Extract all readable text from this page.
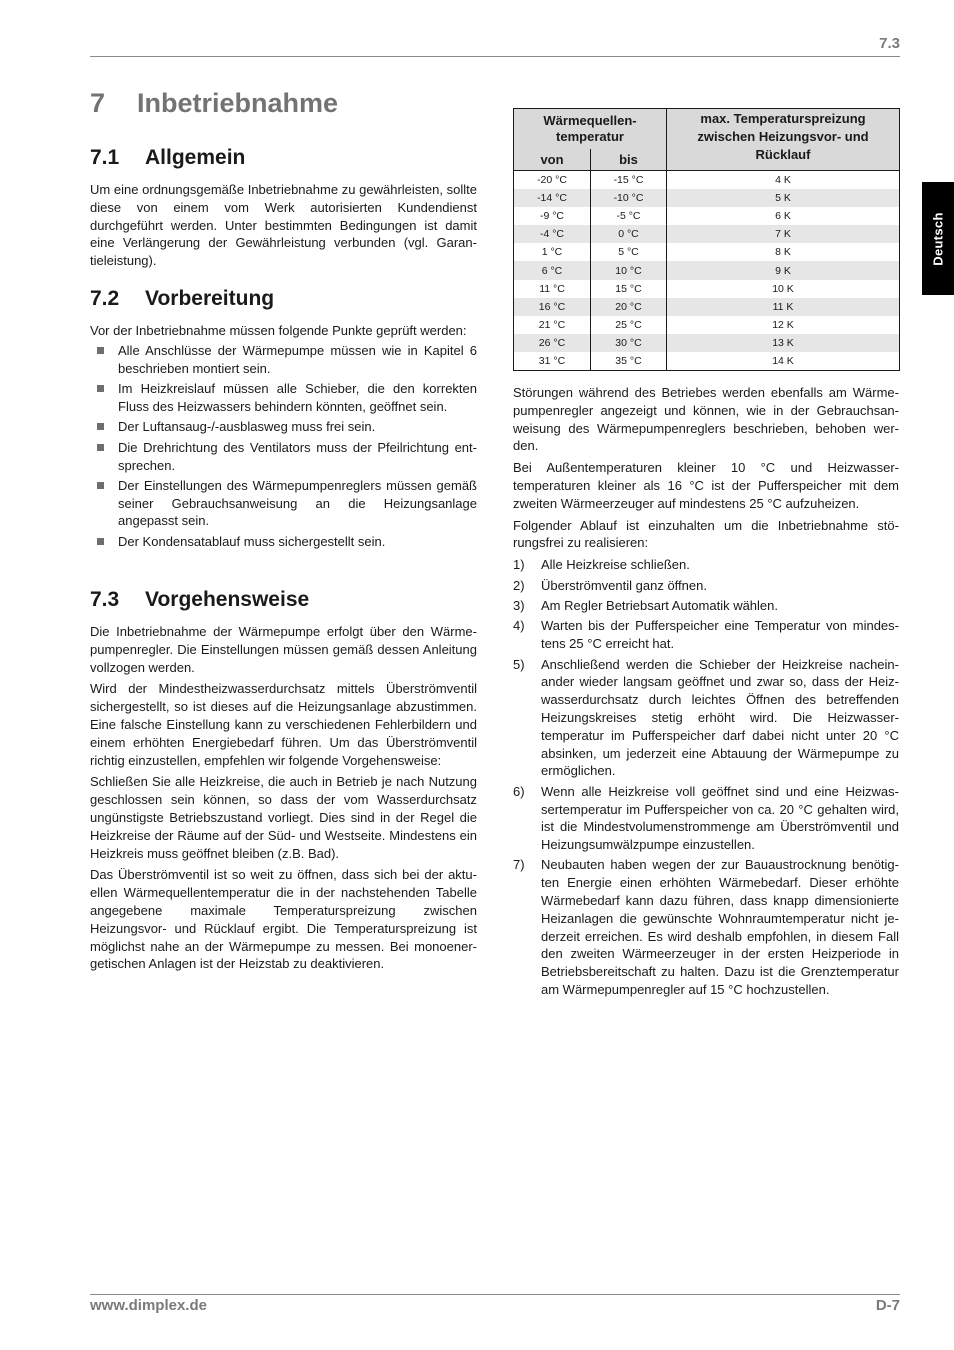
7.3
Deutsch
7 Inbetriebnahme
7.1 Allgemein
Um eine ordnungsgemäße Inbetriebnahme zu gewährleisten, sollte diese von einem vom Werk autorisierten Kundendienst durchgeführt werden. Unter bestimmten Bedingungen ist damit eine Verlängerung der Gewährleistung verbunden (vgl. Garantieleistung).
7.2 Vorbereitung
Vor der Inbetriebnahme müssen folgende Punkte geprüft werden:
Alle Anschlüsse der Wärmepumpe müssen wie in Kapitel 6 beschrieben montiert sein.
Im Heizkreislauf müssen alle Schieber, die den korrekten Fluss des Heizwassers behindern könnten, geöffnet sein.
Der Luftansaug-/-ausblasweg muss frei sein.
Die Drehrichtung des Ventilators muss der Pfeilrichtung entsprechen.
Der Einstellungen des Wärmepumpenreglers müssen gemäß seiner Gebrauchsanweisung an die Heizungsanlage angepasst sein.
Der Kondensatablauf muss sichergestellt sein.
7.3 Vorgehensweise
Die Inbetriebnahme der Wärmepumpe erfolgt über den Wärmepumpenregler. Die Einstellungen müssen gemäß dessen Anleitung vollzogen werden.
Wird der Mindestheizwasserdurchsatz mittels Überströmventil sichergestellt, so ist dieses auf die Heizungsanlage abzustimmen. Eine falsche Einstellung kann zu verschiedenen Fehlerbildern und einem erhöhten Energiebedarf führen. Um das Überströmventil richtig einzustellen, empfehlen wir folgende Vorgehensweise:
Schließen Sie alle Heizkreise, die auch in Betrieb je nach Nutzung geschlossen sein können, so dass der vom Wasserdurchsatz ungünstigste Betriebszustand vorliegt. Dies sind in der Regel die Heizkreise der Räume auf der Süd- und Westseite. Mindestens ein Heizkreis muss geöffnet bleiben (z.B. Bad).
Das Überströmventil ist so weit zu öffnen, dass sich bei der aktuellen Wärmequellentemperatur die in der nachstehenden Tabelle angegebene maximale Temperaturspreizung zwischen Heizungsvor- und Rücklauf ergibt. Die Temperaturspreizung ist möglichst nahe an der Wärmepumpe zu messen. Bei monoenergetischen Anlagen ist der Heizstab zu deaktivieren.
Wärmequellen-temperatur		max. Temperaturspreizung zwischen Heizungsvor- und Rücklauf
von	bis	
-20 °C	-15 °C	4 K
-14 °C	-10 °C	5 K
-9 °C	-5 °C	6 K
-4 °C	0 °C	7 K
1 °C	5 °C	8 K
6 °C	10 °C	9 K
11 °C	15 °C	10 K
16 °C	20 °C	11 K
21 °C	25 °C	12 K
26 °C	30 °C	13 K
31 °C	35 °C	14 K
Störungen während des Betriebes werden ebenfalls am Wärmepumpenregler angezeigt und können, wie in der Gebrauchsanweisung des Wärmepumpenreglers beschrieben, behoben werden.
Bei Außentemperaturen kleiner 10 °C und Heizwassertemperaturen kleiner als 16 °C ist der Pufferspeicher mit dem zweiten Wärmeerzeuger auf mindestens 25 °C aufzuheizen.
Folgender Ablauf ist einzuhalten um die Inbetriebnahme störungsfrei zu realisieren:
1) Alle Heizkreise schließen.
2) Überströmventil ganz öffnen.
3) Am Regler Betriebsart Automatik wählen.
4) Warten bis der Pufferspeicher eine Temperatur von mindestens 25 °C erreicht hat.
5) Anschließend werden die Schieber der Heizkreise nacheinander wieder langsam geöffnet und zwar so, dass der Heizwasserdurchsatz durch leichtes Öffnen des betreffenden Heizungskreises stetig erhöht wird. Die Heizwassertemperatur im Pufferspeicher darf dabei nicht unter 20 °C absinken, um jederzeit eine Abtauung der Wärmepumpe zu ermöglichen.
6) Wenn alle Heizkreise voll geöffnet sind und eine Heizwassertemperatur im Pufferspeicher von ca. 20 °C gehalten wird, ist die Mindestvolumenstrommenge am Überströmventil und Heizungsumwälzpumpe einzustellen.
7) Neubauten haben wegen der zur Bauaustrocknung benötigten Energie einen erhöhten Wärmebedarf. Dieser erhöhte Wärmebedarf kann dazu führen, dass knapp dimensionierte Heizanlagen die gewünschte Wohnraumtemperatur nicht jederzeit erreichen. Es wird deshalb empfohlen, in diesem Fall den zweiten Wärmeerzeuger in der ersten Heizperiode in Betriebsbereitschaft zu halten. Dazu ist die Grenztemperatur am Wärmepumpenregler auf 15 °C hochzustellen.
www.dimplex.de	D-7
